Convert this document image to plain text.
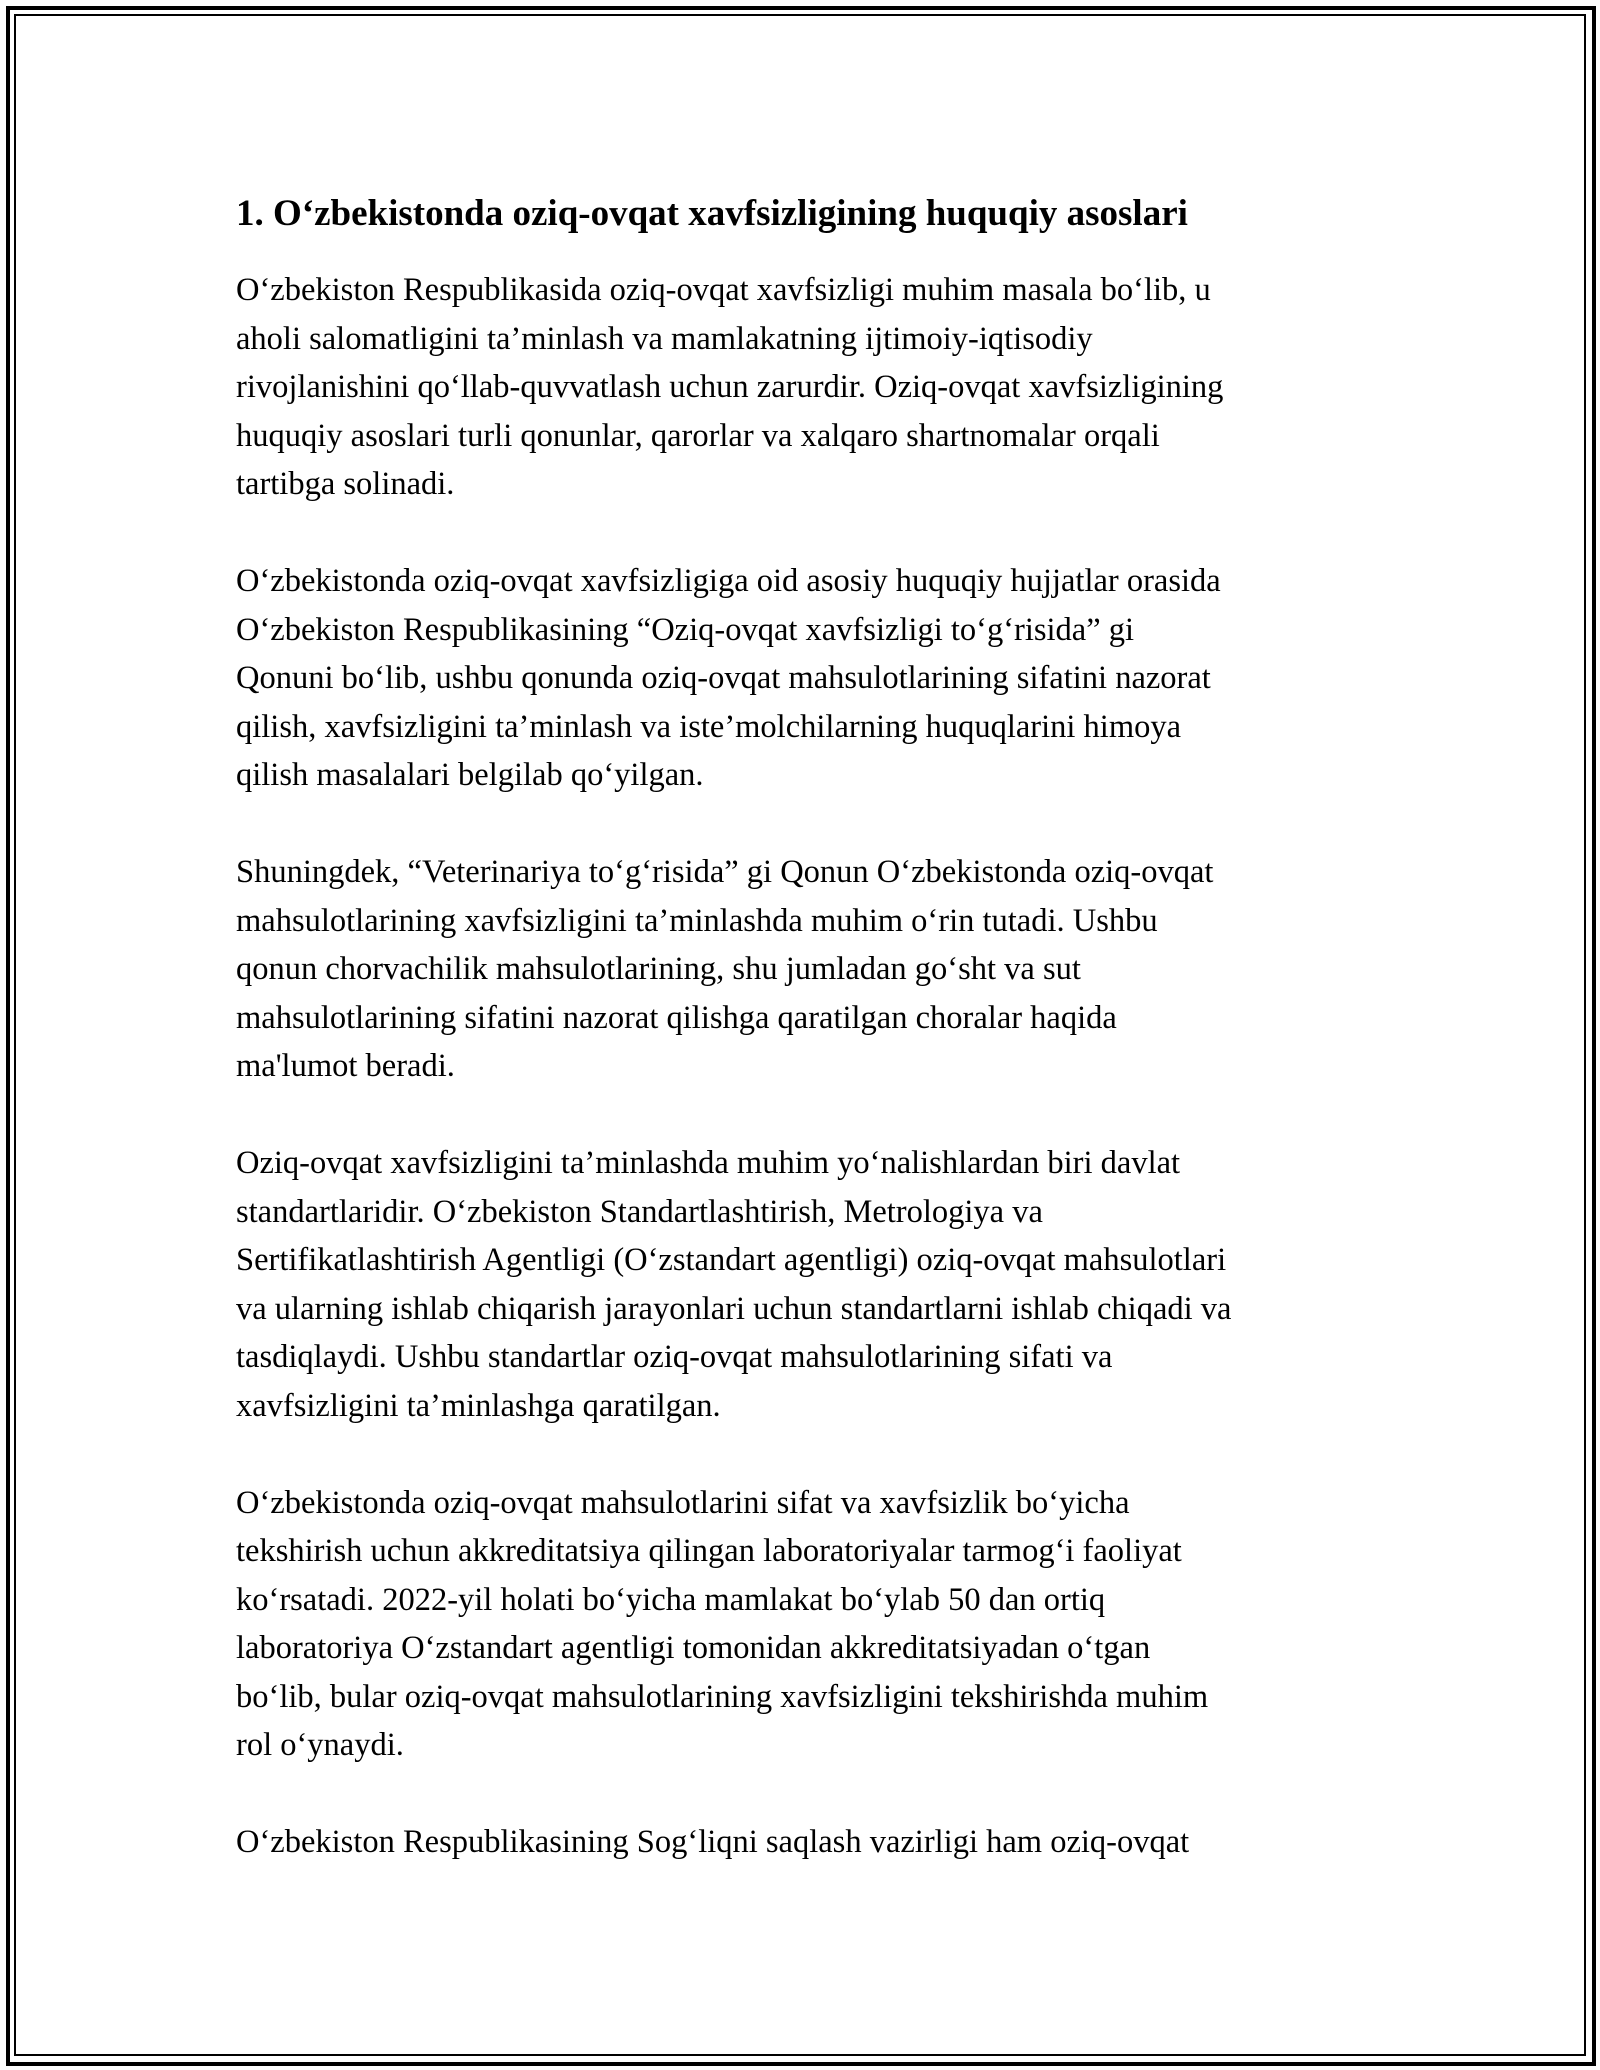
1. O‘zbekistonda oziq-ovqat xavfsizligining huquqiy asoslari

O‘zbekiston Respublikasida oziq-ovqat xavfsizligi muhim masala bo‘lib, u
aholi salomatligini ta’minlash va mamlakatning ijtimoiy-iqtisodiy
rivojlanishini qo‘llab-quvvatlash uchun zarurdir. Oziq-ovqat xavfsizligining
huquqiy asoslari turli qonunlar, qarorlar va xalqaro shartnomalar orqali
tartibga solinadi.

O‘zbekistonda oziq-ovqat xavfsizligiga oid asosiy huquqiy hujjatlar orasida
O‘zbekiston Respublikasining “Oziq-ovqat xavfsizligi to‘g‘risida” gi
Qonuni bo‘lib, ushbu qonunda oziq-ovqat mahsulotlarining sifatini nazorat
qilish, xavfsizligini ta’minlash va iste’molchilarning huquqlarini himoya
qilish masalalari belgilab qo‘yilgan.

Shuningdek, “Veterinariya to‘g‘risida” gi Qonun O‘zbekistonda oziq-ovqat
mahsulotlarining xavfsizligini ta’minlashda muhim o‘rin tutadi. Ushbu
qonun chorvachilik mahsulotlarining, shu jumladan go‘sht va sut
mahsulotlarining sifatini nazorat qilishga qaratilgan choralar haqida
ma'lumot beradi.

Oziq-ovqat xavfsizligini ta’minlashda muhim yo‘nalishlardan biri davlat
standartlaridir. O‘zbekiston Standartlashtirish, Metrologiya va
Sertifikatlashtirish Agentligi (O‘zstandart agentligi) oziq-ovqat mahsulotlari
va ularning ishlab chiqarish jarayonlari uchun standartlarni ishlab chiqadi va
tasdiqlaydi. Ushbu standartlar oziq-ovqat mahsulotlarining sifati va
xavfsizligini ta’minlashga qaratilgan.

O‘zbekistonda oziq-ovqat mahsulotlarini sifat va xavfsizlik bo‘yicha
tekshirish uchun akkreditatsiya qilingan laboratoriyalar tarmog‘i faoliyat
ko‘rsatadi. 2022-yil holati bo‘yicha mamlakat bo‘ylab 50 dan ortiq
laboratoriya O‘zstandart agentligi tomonidan akkreditatsiyadan o‘tgan
bo‘lib, bular oziq-ovqat mahsulotlarining xavfsizligini tekshirishda muhim
rol o‘ynaydi.

O‘zbekiston Respublikasining Sog‘liqni saqlash vazirligi ham oziq-ovqat
